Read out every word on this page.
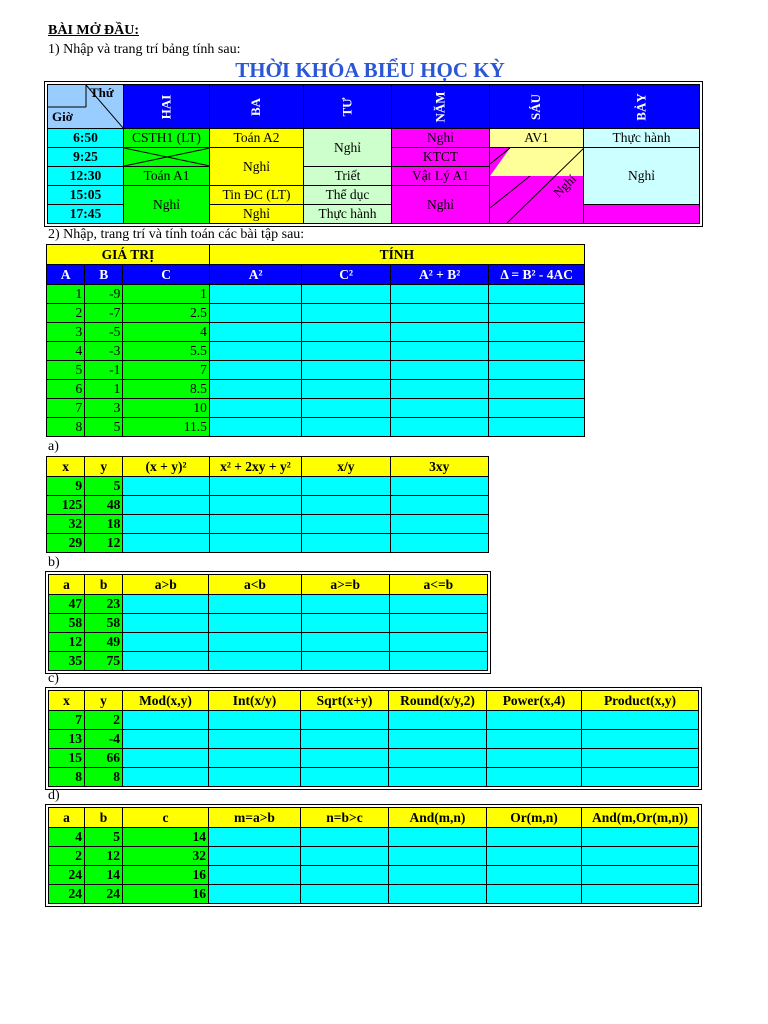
BÀI MỞ ĐẦU:
1) Nhập và trang trí bảng tính sau:
THỜI KHÓA BIỂU HỌC KỲ
Thứ
Giờ	HAI	BA	TƯ	NĂM	SÁU	BẢY	
6:50	CSTH1 (LT)	Toán A2	Nghỉ	Nghỉ	AV1	Thực hành	
9:25		Nghỉ		KTCT	Nghỉ	Nghỉ	
12:30	Toán A1		Triết	Vật Lý A1			
15:05	Nghỉ	Tin ĐC (LT)	Thể dục	Nghỉ			
17:45		Nghỉ	Thực hành		
2) Nhập, trang trí và tính toán các bài tập sau:
GIÁ TRỊ			TÍNH			
A	B	C	A²	C²	A² + B²	Δ = B² - 4AC
1	-9	1				
2	-7	2.5				
3	-5	4				
4	-3	5.5				
5	-1	7				
6	1	8.5				
7	3	10				
8	5	11.5				
a)
x	y	(x + y)²	x² + 2xy + y²	x/y	3xy
9	5				
125	48				
32	18				
29	12				
b)
a	b	a>b	a<b	a>=b	a<=b
47	23				
58	58				
12	49				
35	75				
c)
x	y	Mod(x,y)	Int(x/y)	Sqrt(x+y)	Round(x/y,2)	Power(x,4)	Product(x,y)
7	2						
13	-4						
15	66						
8	8						
d)
a	b	c	m=a>b	n=b>c	And(m,n)	Or(m,n)	And(m,Or(m,n))
4	5	14					
2	12	32					
24	14	16					
24	24	16					
